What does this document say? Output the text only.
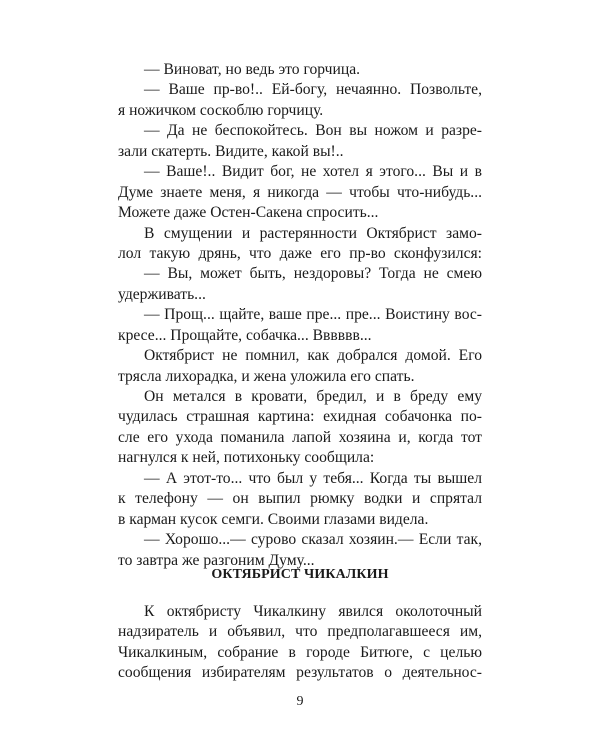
— Виноват, но ведь это горчица.
— Ваше пр-во!.. Ей-богу, нечаянно. Позвольте,
я ножичком соскоблю горчицу.
— Да не беспокойтесь. Вон вы ножом и разре-
зали скатерть. Видите, какой вы!..
— Ваше!.. Видит бог, не хотел я этого... Вы и в
Думе знаете меня, я никогда — чтобы что-нибудь...
Можете даже Остен-Сакена спросить...
В смущении и растерянности Октябрист замо-
лол такую дрянь, что даже его пр-во сконфузился:
— Вы, может быть, нездоровы? Тогда не смею
удерживать...
— Прощ... щайте, ваше пре... пре... Воистину вос-
кресе... Прощайте, собачка... Вввввв...
Октябрист не помнил, как добрался домой. Его
трясла лихорадка, и жена уложила его спать.
Он метался в кровати, бредил, и в бреду ему
чудилась страшная картина: ехидная собачонка по-
сле его ухода поманила лапой хозяина и, когда тот
нагнулся к ней, потихоньку сообщила:
— А этот-то... что был у тебя... Когда ты вышел
к телефону — он выпил рюмку водки и спрятал
в карман кусок семги. Своими глазами видела.
— Хорошо...— сурово сказал хозяин.— Если так,
то завтра же разгоним Думу...
ОКТЯБРИСТ ЧИКАЛКИН
К октябристу Чикалкину явился околоточный
надзиратель и объявил, что предполагавшееся им,
Чикалкиным, собрание в городе Битюге, с целью
сообщения избирателям результатов о деятельнос-
9
